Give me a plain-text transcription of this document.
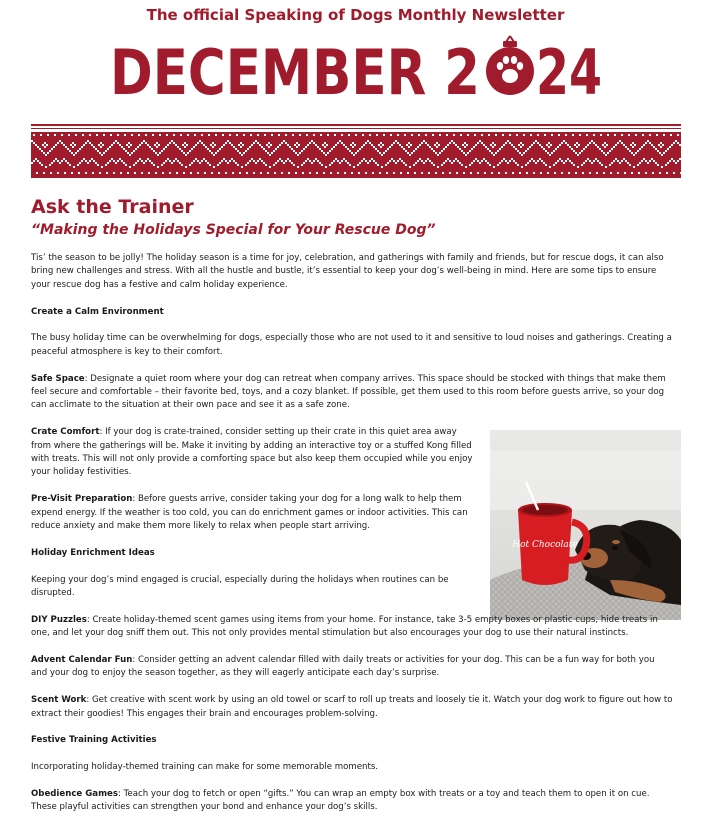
The official Speaking of Dogs Monthly Newsletter
DECEMBER 2 24
Hot Chocolate
Ask the Trainer
“Making the Holidays Special for Your Rescue Dog”

Tis’ the season to be jolly! The holiday season is a time for joy, celebration, and gatherings with family and friends, but for rescue dogs, it can also bring new challenges and stress. With all the hustle and bustle, it’s essential to keep your dog’s well-being in mind. Here are some tips to ensure your rescue dog has a festive and calm holiday experience.

Create a Calm Environment

The busy holiday time can be overwhelming for dogs, especially those who are not used to it and sensitive to loud noises and gatherings. Creating a peaceful atmosphere is key to their comfort.

Safe Space: Designate a quiet room where your dog can retreat when company arrives. This space should be stocked with things that make them feel secure and comfortable – their favorite bed, toys, and a cozy blanket. If possible, get them used to this room before guests arrive, so your dog can acclimate to the situation at their own pace and see it as a safe zone.

Crate Comfort: If your dog is crate-trained, consider setting up their crate in this quiet area away from where the gatherings will be. Make it inviting by adding an interactive toy or a stuffed Kong filled with treats. This will not only provide a comforting space but also keep them occupied while you enjoy your holiday festivities.

Pre-Visit Preparation: Before guests arrive, consider taking your dog for a long walk to help them expend energy. If the weather is too cold, you can do enrichment games or indoor activities. This can reduce anxiety and make them more likely to relax when people start arriving.

Holiday Enrichment Ideas

Keeping your dog’s mind engaged is crucial, especially during the holidays when routines can be disrupted.

DIY Puzzles: Create holiday-themed scent games using items from your home. For instance, take 3-5 empty boxes or plastic cups, hide treats in one, and let your dog sniff them out. This not only provides mental stimulation but also encourages your dog to use their natural instincts.

Advent Calendar Fun: Consider getting an advent calendar filled with daily treats or activities for your dog. This can be a fun way for both you and your dog to enjoy the season together, as they will eagerly anticipate each day’s surprise.

Scent Work: Get creative with scent work by using an old towel or scarf to roll up treats and loosely tie it. Watch your dog work to figure out how to extract their goodies! This engages their brain and encourages problem-solving.

Festive Training Activities

Incorporating holiday-themed training can make for some memorable moments.

Obedience Games: Teach your dog to fetch or open “gifts.” You can wrap an empty box with treats or a toy and teach them to open it on cue. These playful activities can strengthen your bond and enhance your dog’s skills.
